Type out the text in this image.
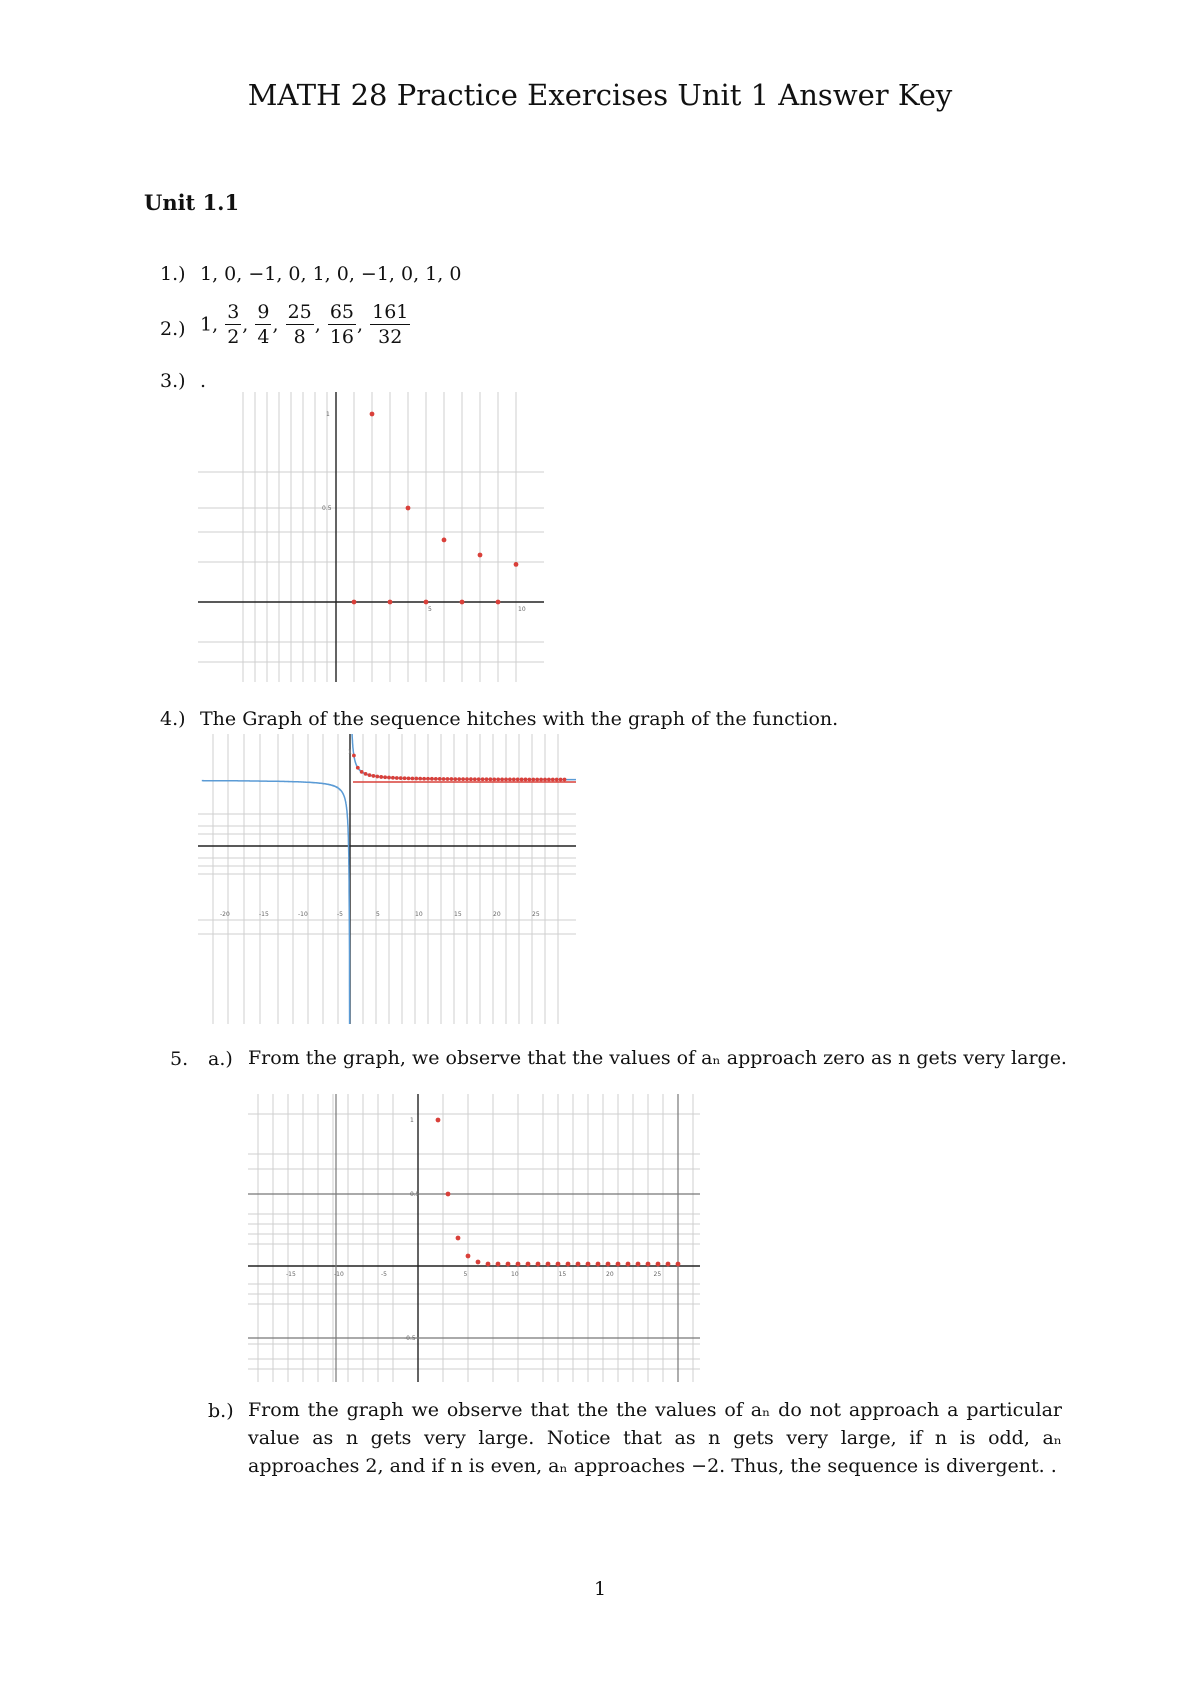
MATH 28 Practice Exercises Unit 1 Answer Key
Unit 1.1
1.) 1, 0, −1, 0, 1, 0, −1, 0, 1, 0
2.) 1, $\frac{3}{2}$ , $\frac{9}{4}$ , $\frac{25}{8}$ , $\frac{65}{16}$ , $\frac{161}{32}$
3.) .
1
0.5
5	10
4.) The Graph of the sequence hitches with the graph of the function.
-20	-15	-10	-5	5	10	15	20	25
1
5. a.) From the graph, we observe that the values of aₙ approach zero as n gets very large.
1
0.5
-0.5
5	10	15	20	25
-15	-10	-5
b.) From the graph we observe that the the values of aₙ do not approach a particular value as n gets very large. Notice that as n gets very large, if n is odd, aₙ approaches 2, and if n is even, aₙ approaches −2. Thus, the sequence is divergent. .
1
